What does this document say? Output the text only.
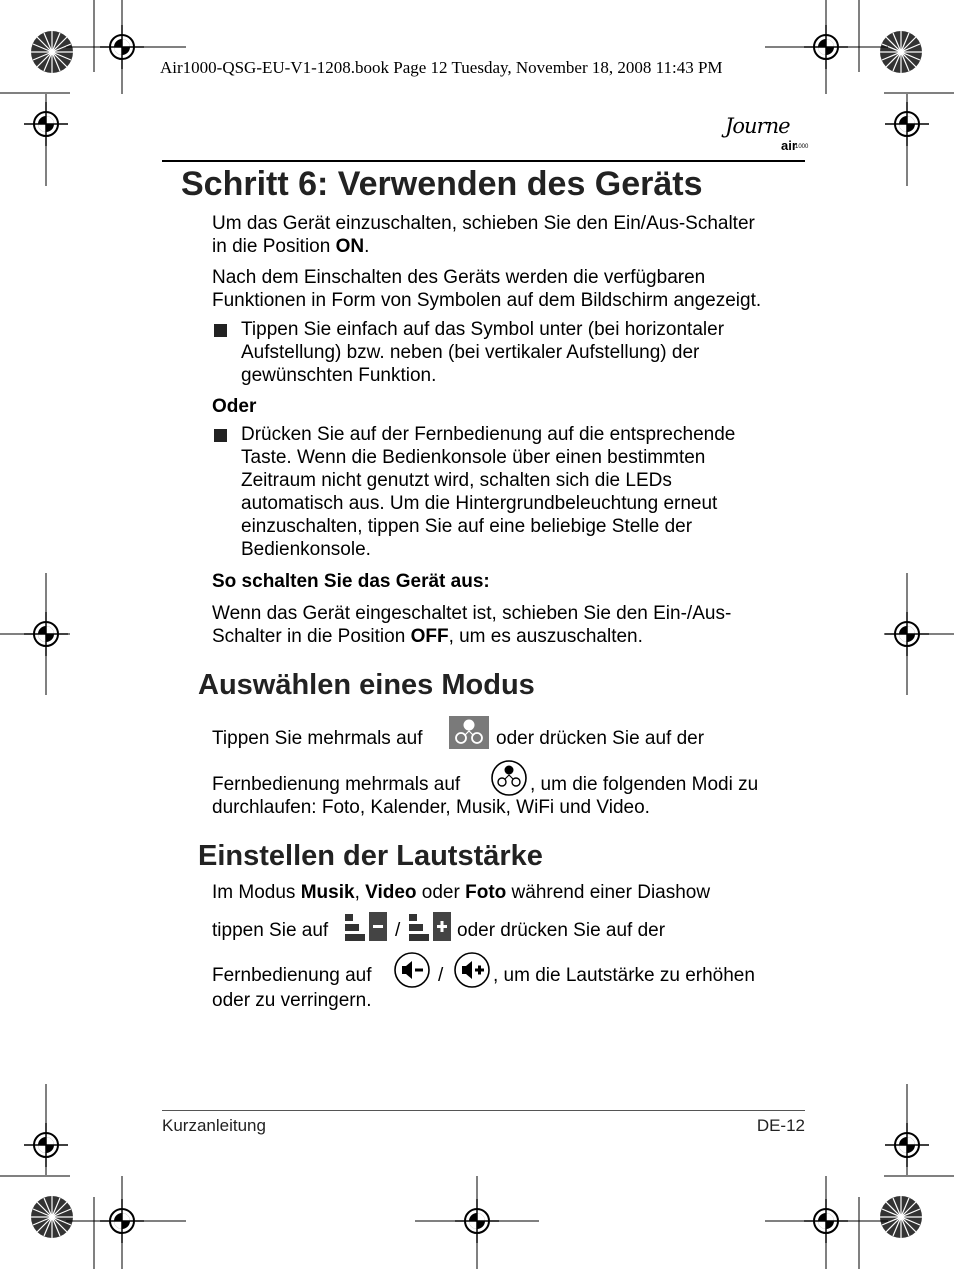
Air1000-QSG-EU-V1-1208.book Page 12 Tuesday, November 18, 2008 11:43 PM
Journe
air
1000
Schritt 6: Verwenden des Geräts
Um das Gerät einzuschalten, schieben Sie den Ein/Aus-Schalter
in die Position ON.
Nach dem Einschalten des Geräts werden die verfügbaren
Funktionen in Form von Symbolen auf dem Bildschirm angezeigt.
Tippen Sie einfach auf das Symbol unter (bei horizontaler
Aufstellung) bzw. neben (bei vertikaler Aufstellung) der
gewünschten Funktion.
Oder
Drücken Sie auf der Fernbedienung auf die entsprechende
Taste. Wenn die Bedienkonsole über einen bestimmten
Zeitraum nicht genutzt wird, schalten sich die LEDs
automatisch aus. Um die Hintergrundbeleuchtung erneut
einzuschalten, tippen Sie auf eine beliebige Stelle der
Bedienkonsole.
So schalten Sie das Gerät aus:
Wenn das Gerät eingeschaltet ist, schieben Sie den Ein-/Aus-
Schalter in die Position OFF, um es auszuschalten.
Auswählen eines Modus
Tippen Sie mehrmals auf	oder drücken Sie auf der
Fernbedienung mehrmals auf	, um die folgenden Modi zu
durchlaufen: Foto, Kalender, Musik, WiFi und Video.
Einstellen der Lautstärke
Im Modus Musik, Video oder Foto während einer Diashow
tippen Sie auf	/	oder drücken Sie auf der
Fernbedienung auf	/	, um die Lautstärke zu erhöhen
oder zu verringern.
Kurzanleitung	DE-12
